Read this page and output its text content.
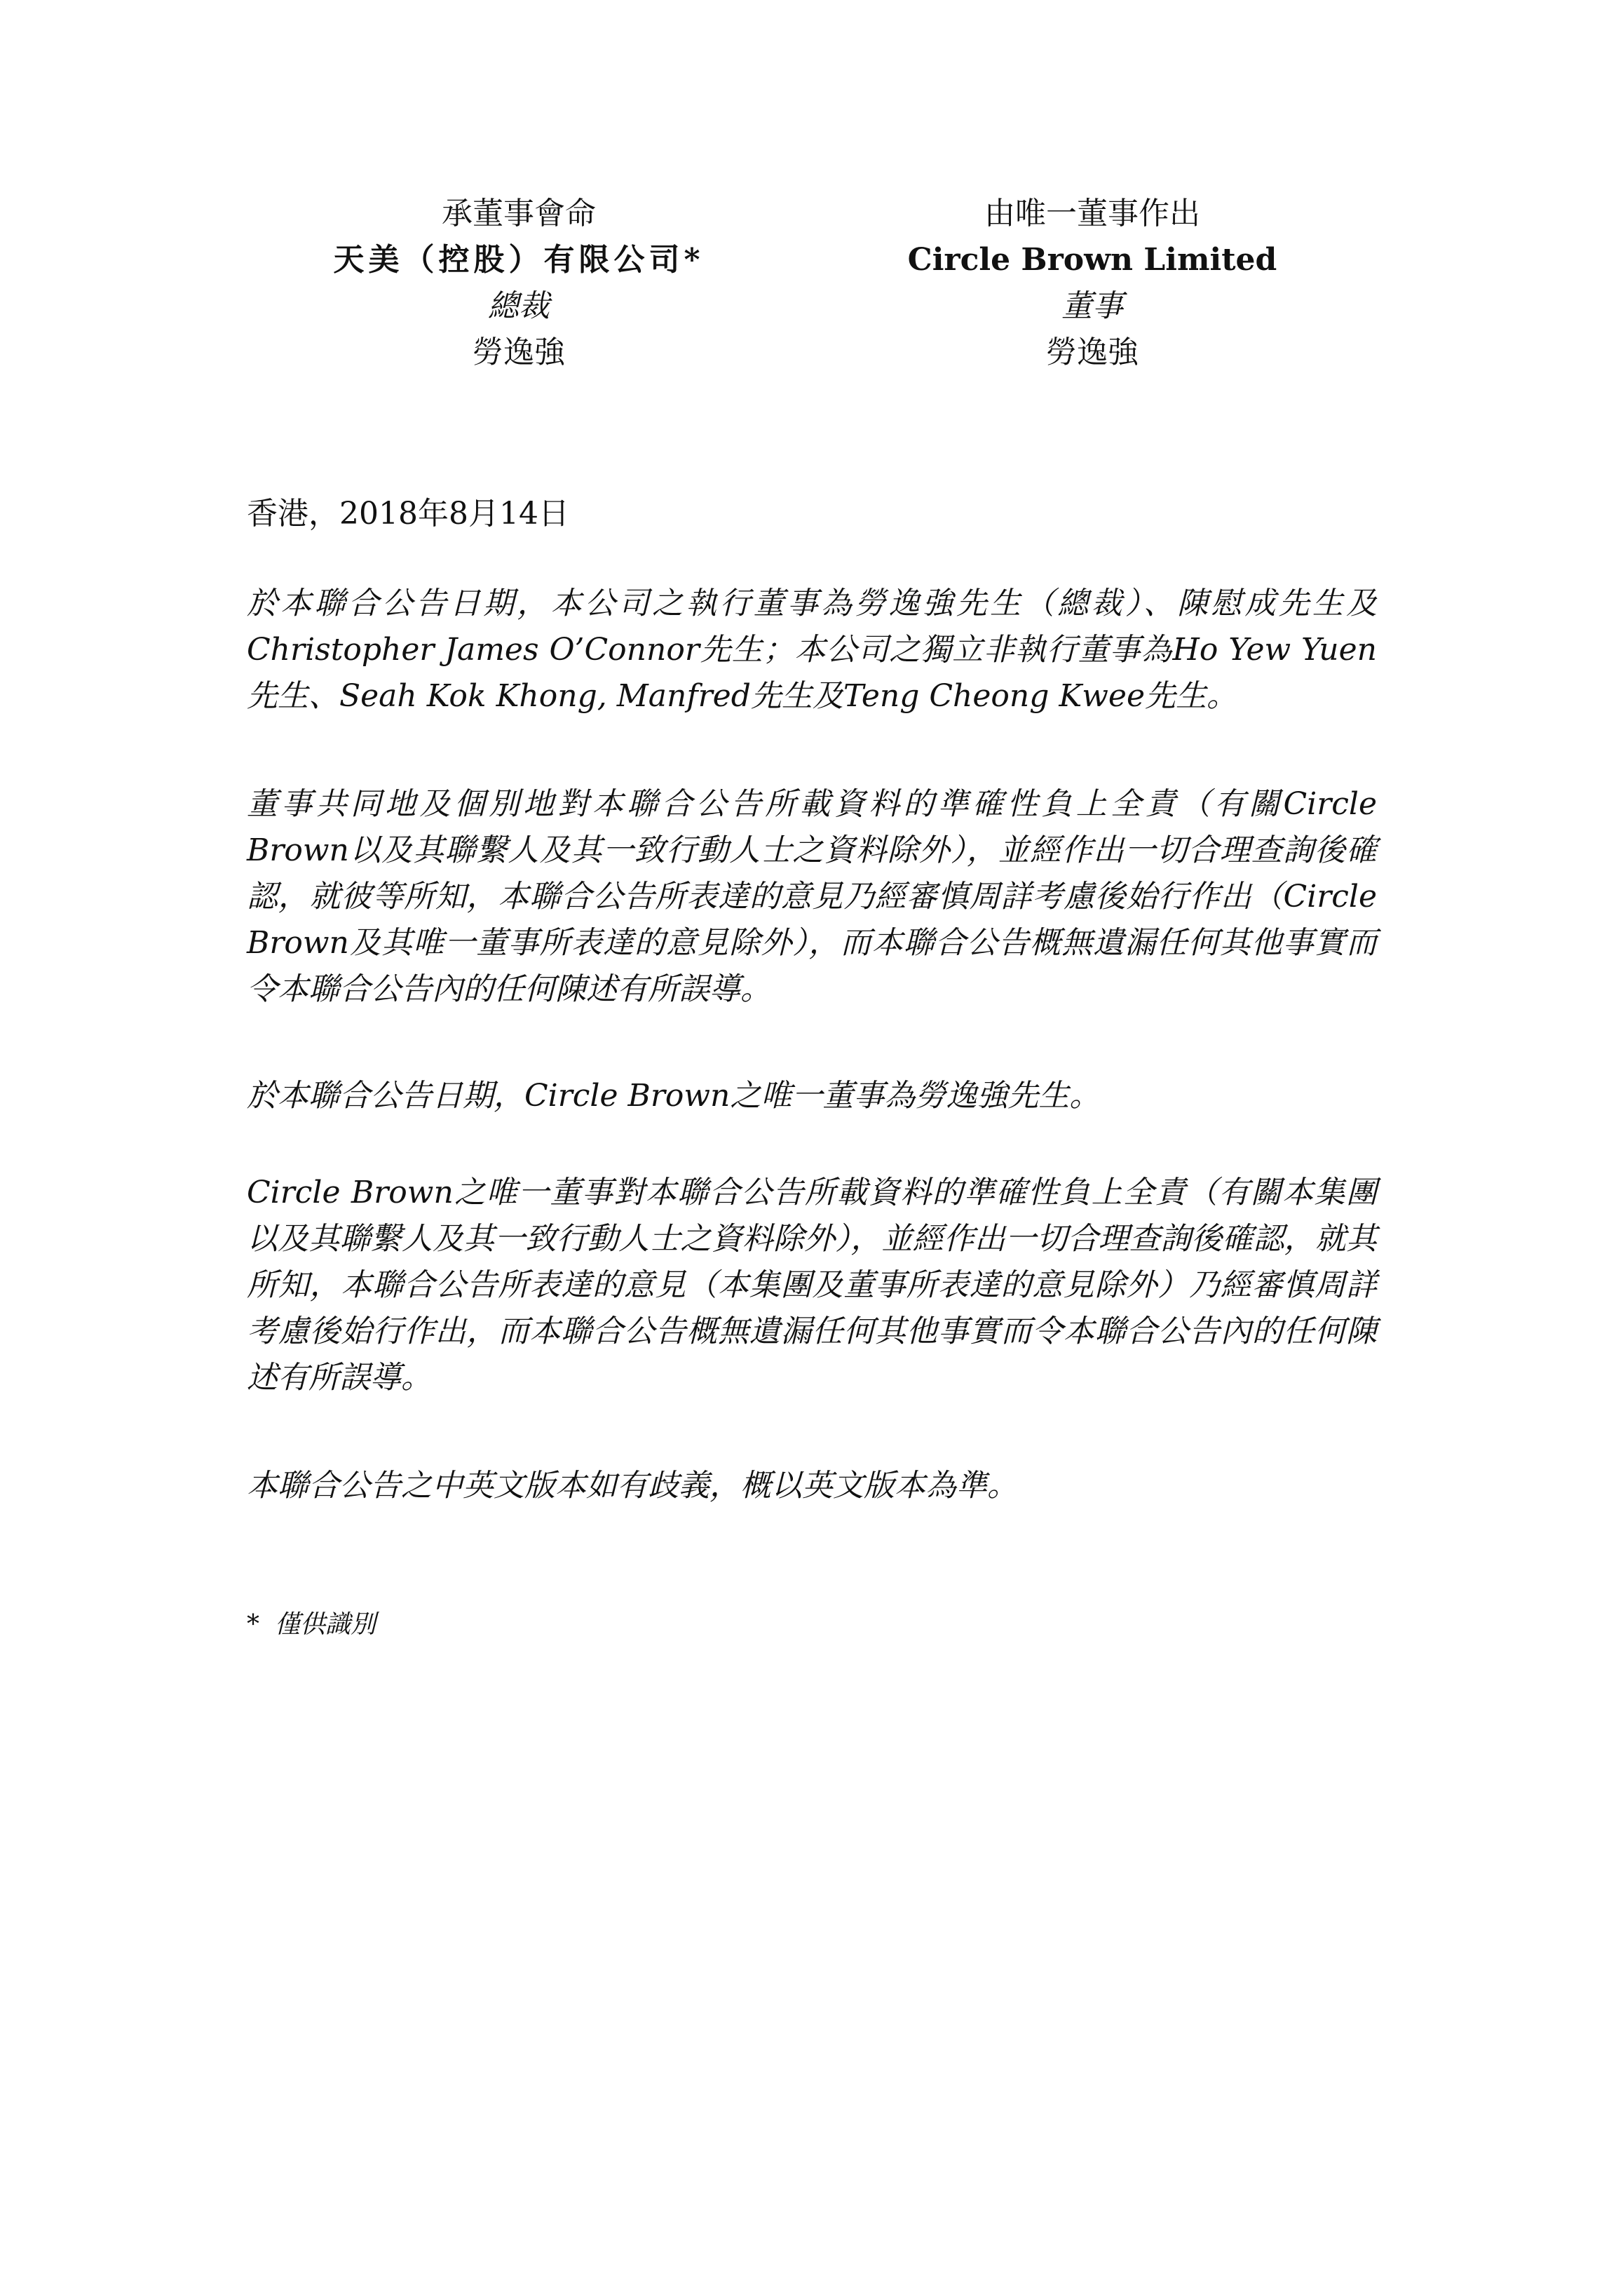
承董事會命
天美（控股）有限公司*
總裁
勞逸強
由唯一董事作出
Circle Brown Limited
董事
勞逸強
香港，2018年8月14日
於本聯合公告日期，本公司之執行董事為勞逸強先生（總裁）、陳慰成先生及Christopher James O’Connor先生；本公司之獨立非執行董事為Ho Yew Yuen先生、Seah Kok Khong, Manfred先生及Teng Cheong Kwee先生。
董事共同地及個別地對本聯合公告所載資料的準確性負上全責（有關Circle Brown以及其聯繫人及其一致行動人士之資料除外），並經作出一切合理查詢後確認，就彼等所知，本聯合公告所表達的意見乃經審慎周詳考慮後始行作出（Circle Brown及其唯一董事所表達的意見除外），而本聯合公告概無遺漏任何其他事實而令本聯合公告內的任何陳述有所誤導。
於本聯合公告日期，Circle Brown之唯一董事為勞逸強先生。
Circle Brown之唯一董事對本聯合公告所載資料的準確性負上全責（有關本集團以及其聯繫人及其一致行動人士之資料除外），並經作出一切合理查詢後確認，就其所知，本聯合公告所表達的意見（本集團及董事所表達的意見除外）乃經審慎周詳考慮後始行作出，而本聯合公告概無遺漏任何其他事實而令本聯合公告內的任何陳述有所誤導。
本聯合公告之中英文版本如有歧義，概以英文版本為準。
* 僅供識別
